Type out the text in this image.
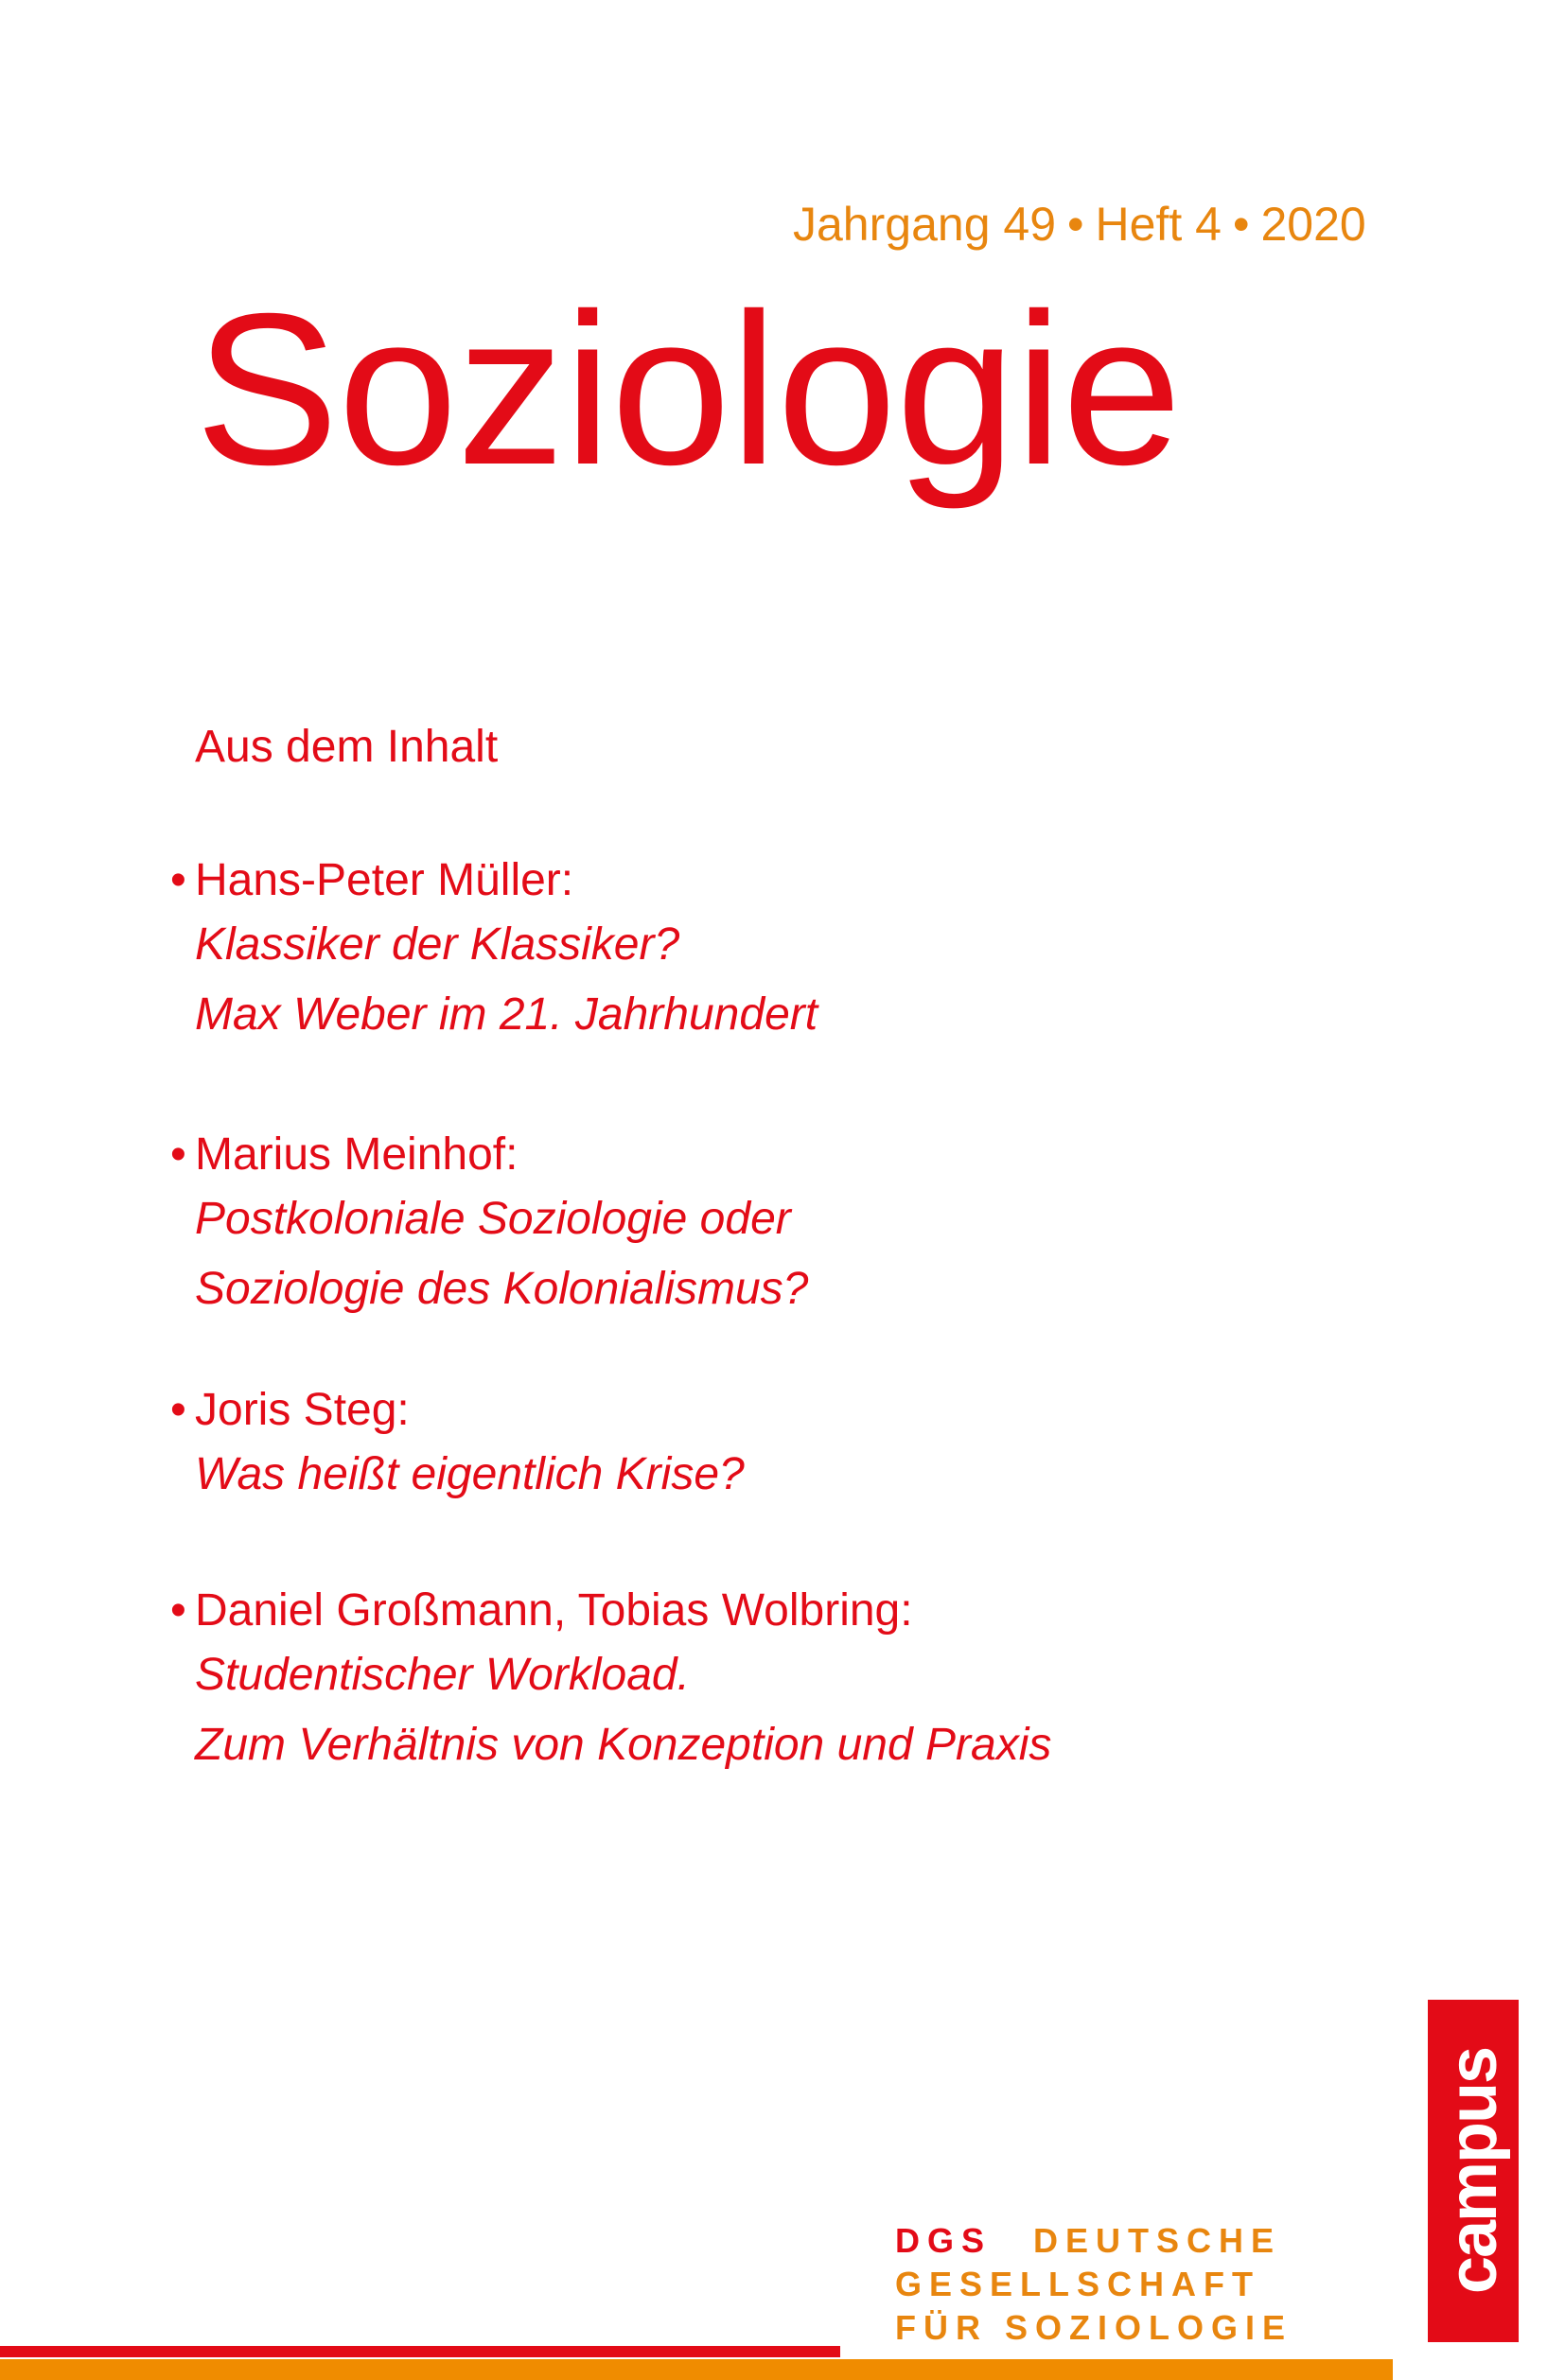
Jahrgang 49 • Heft 4 • 2020
Soziologie
Aus dem Inhalt
• Hans-Peter Müller:
Klassiker der Klassiker?
Max Weber im 21. Jahrhundert
• Marius Meinhof:
Postkoloniale Soziologie oder
Soziologie des Kolonialismus?
• Joris Steg:
Was heißt eigentlich Krise?
• Daniel Großmann, Tobias Wolbring:
Studentischer Workload.
Zum Verhältnis von Konzeption und Praxis
campus
DGS DEUTSCHE
GESELLSCHAFT
FÜR SOZIOLOGIE
